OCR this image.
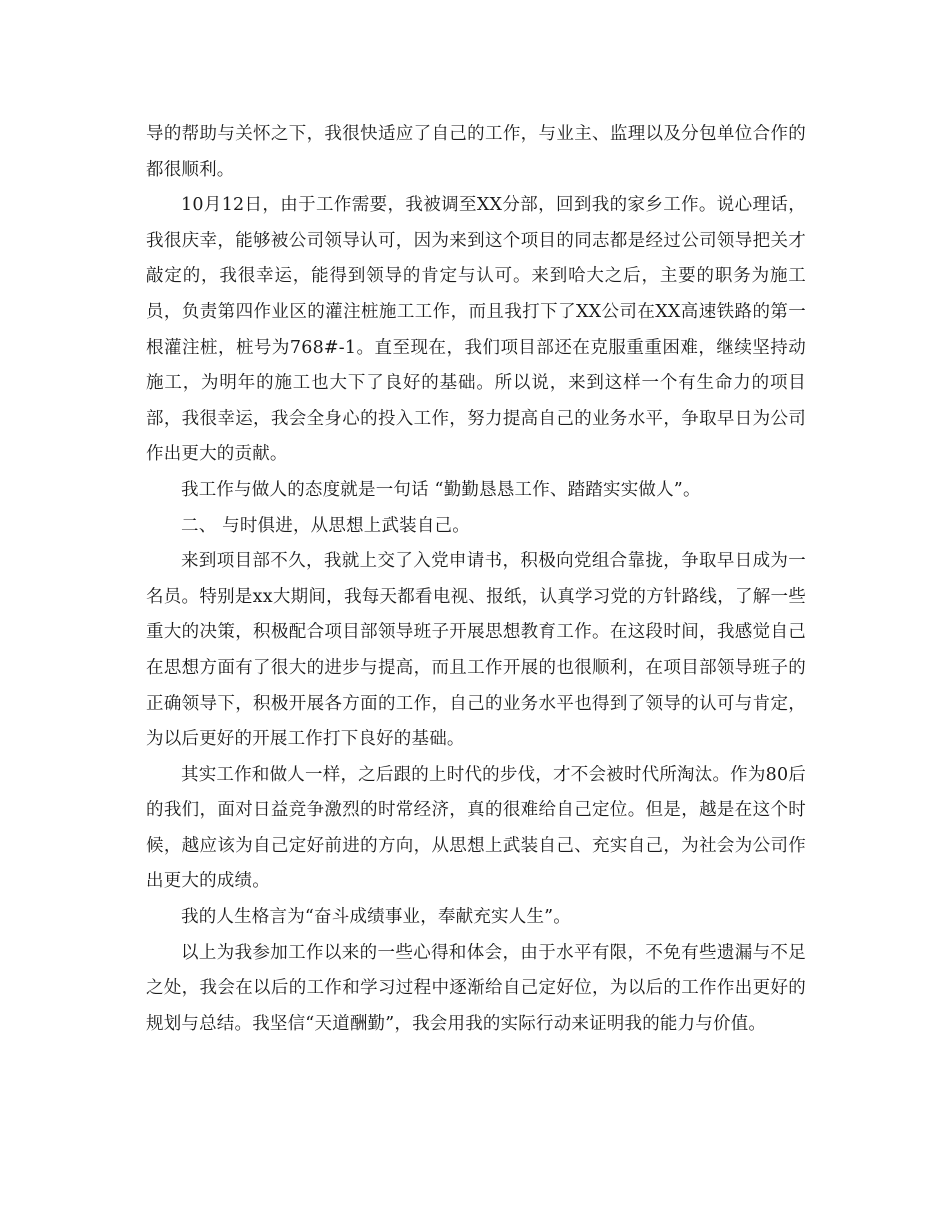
导的帮助与关怀之下，我很快适应了自己的工作，与业主、监理以及分包单位合作的都很顺利。

10月12日，由于工作需要，我被调至XX分部，回到我的家乡工作。说心理话，我很庆幸，能够被公司领导认可，因为来到这个项目的同志都是经过公司领导把关才敲定的，我很幸运，能得到领导的肯定与认可。来到哈大之后，主要的职务为施工员，负责第四作业区的灌注桩施工工作，而且我打下了XX公司在XX高速铁路的第一根灌注桩，桩号为768#-1。直至现在，我们项目部还在克服重重困难，继续坚持动施工，为明年的施工也大下了良好的基础。所以说，来到这样一个有生命力的项目部，我很幸运，我会全身心的投入工作，努力提高自己的业务水平，争取早日为公司作出更大的贡献。

我工作与做人的态度就是一句话 “勤勤恳恳工作、踏踏实实做人”。

二、 与时俱进，从思想上武装自己。

来到项目部不久，我就上交了入党申请书，积极向党组合靠拢，争取早日成为一名员。特别是xx大期间，我每天都看电视、报纸，认真学习党的方针路线，了解一些重大的决策，积极配合项目部领导班子开展思想教育工作。在这段时间，我感觉自己在思想方面有了很大的进步与提高，而且工作开展的也很顺利，在项目部领导班子的正确领导下，积极开展各方面的工作，自己的业务水平也得到了领导的认可与肯定，为以后更好的开展工作打下良好的基础。

其实工作和做人一样，之后跟的上时代的步伐，才不会被时代所淘汰。作为80后的我们，面对日益竞争激烈的时常经济，真的很难给自己定位。但是，越是在这个时候，越应该为自己定好前进的方向，从思想上武装自己、充实自己，为社会为公司作出更大的成绩。

我的人生格言为“奋斗成绩事业，奉献充实人生”。

以上为我参加工作以来的一些心得和体会，由于水平有限，不免有些遗漏与不足之处，我会在以后的工作和学习过程中逐渐给自己定好位，为以后的工作作出更好的规划与总结。我坚信“天道酬勤”，我会用我的实际行动来证明我的能力与价值。
